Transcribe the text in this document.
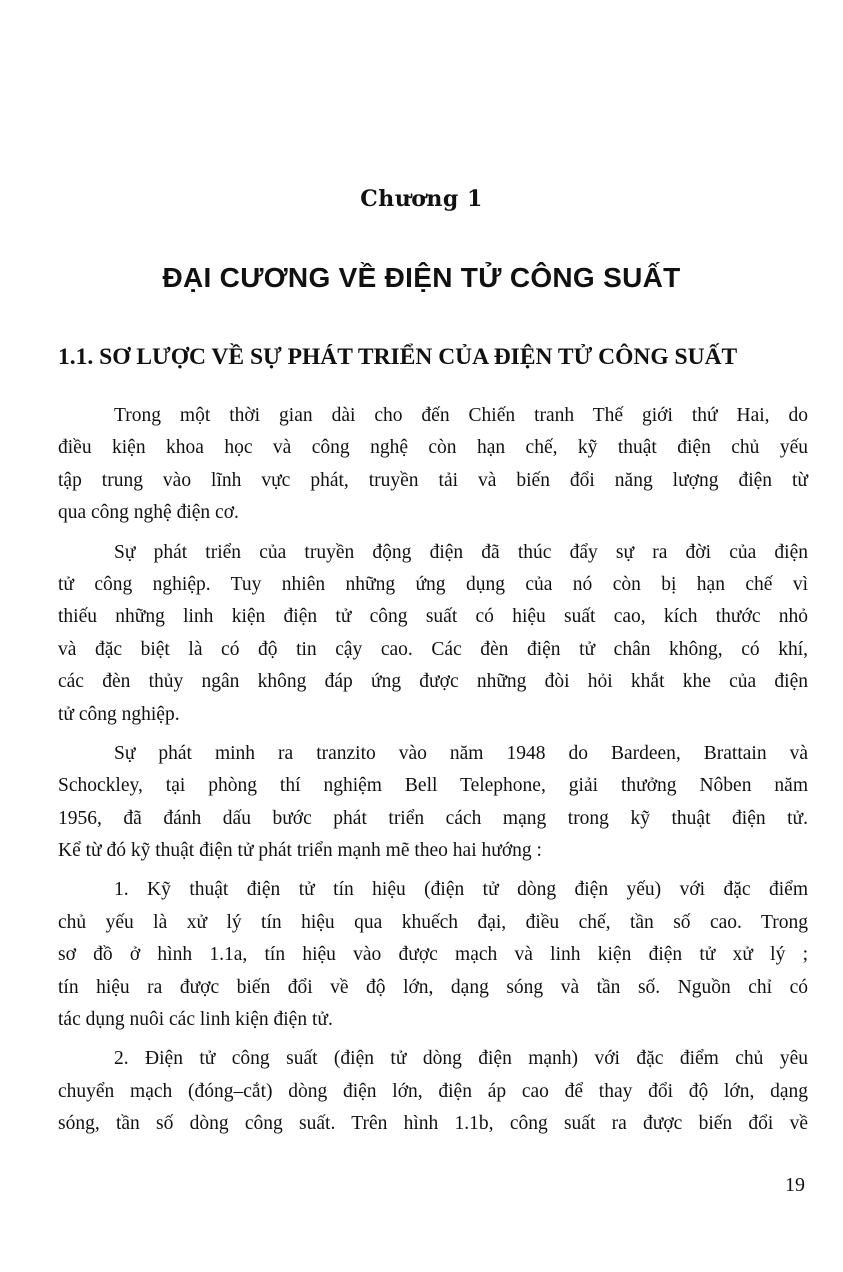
Chương 1
ĐẠI CƯƠNG VỀ ĐIỆN TỬ CÔNG SUẤT
1.1. SƠ LƯỢC VỀ SỰ PHÁT TRIỂN CỦA ĐIỆN TỬ CÔNG SUẤT
Trong một thời gian dài cho đến Chiến tranh Thế giới thứ Hai, do
điều kiện khoa học và công nghệ còn hạn chế, kỹ thuật điện chủ yếu
tập trung vào lĩnh vực phát, truyền tải và biến đổi năng lượng điện từ
qua công nghệ điện cơ.
Sự phát triển của truyền động điện đã thúc đẩy sự ra đời của điện
tử công nghiệp. Tuy nhiên những ứng dụng của nó còn bị hạn chế vì
thiếu những linh kiện điện tử công suất có hiệu suất cao, kích thước nhỏ
và đặc biệt là có độ tin cậy cao. Các đèn điện tử chân không, có khí,
các đèn thủy ngân không đáp ứng được những đòi hỏi khắt khe của điện
tử công nghiệp.
Sự phát minh ra tranzito vào năm 1948 do Bardeen, Brattain và
Schockley, tại phòng thí nghiệm Bell Telephone, giải thưởng Nôben năm
1956, đã đánh dấu bước phát triển cách mạng trong kỹ thuật điện tử.
Kể từ đó kỹ thuật điện tử phát triển mạnh mẽ theo hai hướng :
1. Kỹ thuật điện tử tín hiệu (điện tử dòng điện yếu) với đặc điểm
chủ yếu là xử lý tín hiệu qua khuếch đại, điều chế, tần số cao. Trong
sơ đồ ở hình 1.1a, tín hiệu vào được mạch và linh kiện điện tử xử lý ;
tín hiệu ra được biến đổi về độ lớn, dạng sóng và tần số. Nguồn chỉ có
tác dụng nuôi các linh kiện điện tử.
2. Điện tử công suất (điện tử dòng điện mạnh) với đặc điểm chủ yêu
chuyển mạch (đóng–cắt) dòng điện lớn, điện áp cao để thay đổi độ lớn, dạng
sóng, tần số dòng công suất. Trên hình 1.1b, công suất ra được biến đổi về
19
